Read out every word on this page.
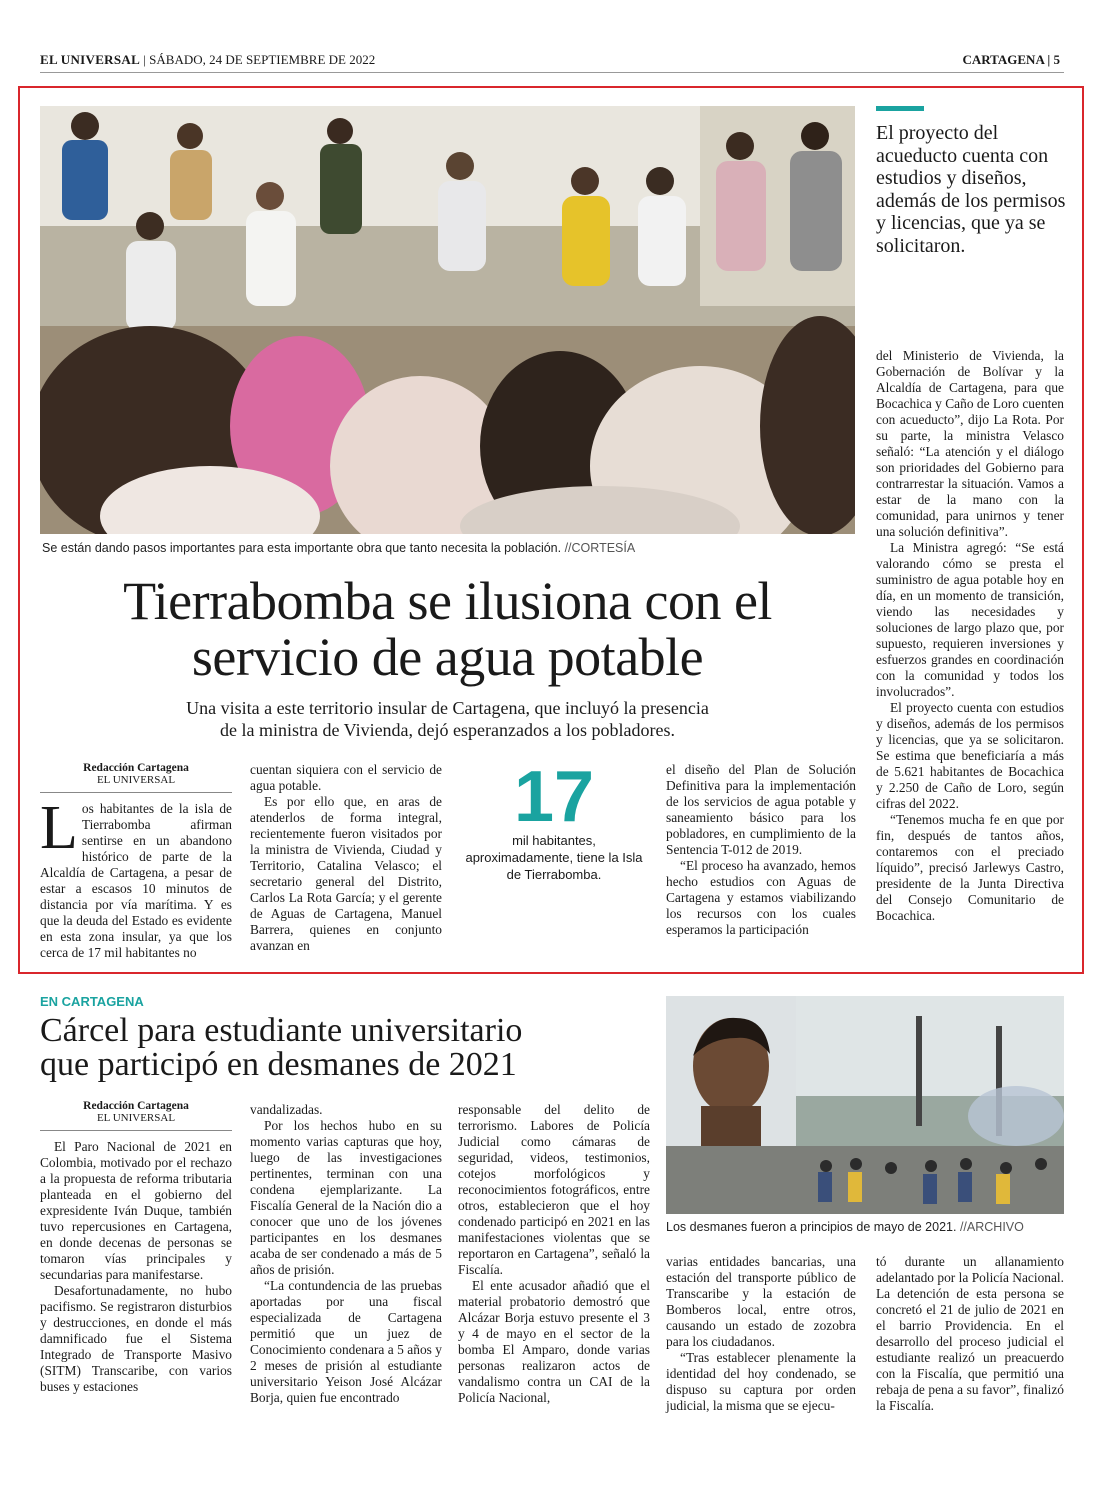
EL UNIVERSAL | SÁBADO, 24 DE SEPTIEMBRE DE 2022	CARTAGENA | 5
Se están dando pasos importantes para esta importante obra que tanto necesita la población. //CORTESÍA
Tierrabomba se ilusiona con el
servicio de agua potable
Una visita a este territorio insular de Cartagena, que incluyó la presencia
de la ministra de Vivienda, dejó esperanzados a los pobladores.
El proyecto del acueducto cuenta con estudios y diseños, además de los permisos y licencias, que ya se solicitaron.
Redacción Cartagena
EL UNIVERSAL

Los habitantes de la isla de Tierrabomba afirman sentirse en un abandono histórico de parte de la Alcaldía de Cartagena, a pesar de estar a escasos 10 minutos de distancia por vía marítima. Y es que la deuda del Estado es evidente en esta zona insular, ya que los cerca de 17 mil habitantes no

cuentan siquiera con el servicio de agua potable.

Es por ello que, en aras de atenderlos de forma integral, recientemente fueron visitados por la ministra de Vivienda, Ciudad y Territorio, Catalina Velasco; el secretario general del Distrito, Carlos La Rota García; y el gerente de Aguas de Cartagena, Manuel Barrera, quienes en conjunto avanzan en

17
mil habitantes, aproximadamente, tiene la Isla de Tierrabomba.

el diseño del Plan de Solución Definitiva para la implementación de los servicios de agua potable y saneamiento básico para los pobladores, en cumplimiento de la Sentencia T-012 de 2019.

“El proceso ha avanzado, hemos hecho estudios con Aguas de Cartagena y estamos viabilizando los recursos con los cuales esperamos la participación

del Ministerio de Vivienda, la Gobernación de Bolívar y la Alcaldía de Cartagena, para que Bocachica y Caño de Loro cuenten con acueducto”, dijo La Rota. Por su parte, la ministra Velasco señaló: “La atención y el diálogo son prioridades del Gobierno para contrarrestar la situación. Vamos a estar de la mano con la comunidad, para unirnos y tener una solución definitiva”.

La Ministra agregó: “Se está valorando cómo se presta el suministro de agua potable hoy en día, en un momento de transición, viendo las necesidades y soluciones de largo plazo que, por supuesto, requieren inversiones y esfuerzos grandes en coordinación con la comunidad y todos los involucrados”.

El proyecto cuenta con estudios y diseños, además de los permisos y licencias, que ya se solicitaron. Se estima que beneficiaría a más de 5.621 habitantes de Bocachica y 2.250 de Caño de Loro, según cifras del 2022.

“Tenemos mucha fe en que por fin, después de tantos años, contaremos con el preciado líquido”, precisó Jarlewys Castro, presidente de la Junta Directiva del Consejo Comunitario de Bocachica.

EN CARTAGENA
Cárcel para estudiante universitario
que participó en desmanes de 2021
Los desmanes fueron a principios de mayo de 2021. //ARCHIVO
Redacción Cartagena
EL UNIVERSAL

El Paro Nacional de 2021 en Colombia, motivado por el rechazo a la propuesta de reforma tributaria planteada en el gobierno del expresidente Iván Duque, también tuvo repercusiones en Cartagena, en donde decenas de personas se tomaron vías principales y secundarias para manifestarse.

Desafortunadamente, no hubo pacifismo. Se registraron disturbios y destrucciones, en donde el más damnificado fue el Sistema Integrado de Transporte Masivo (SITM) Transcaribe, con varios buses y estaciones

vandalizadas.

Por los hechos hubo en su momento varias capturas que hoy, luego de las investigaciones pertinentes, terminan con una condena ejemplarizante. La Fiscalía General de la Nación dio a conocer que uno de los jóvenes participantes en los desmanes acaba de ser condenado a más de 5 años de prisión.

“La contundencia de las pruebas aportadas por una fiscal especializada de Cartagena permitió que un juez de Conocimiento condenara a 5 años y 2 meses de prisión al estudiante universitario Yeison José Alcázar Borja, quien fue encontrado

responsable del delito de terrorismo. Labores de Policía Judicial como cámaras de seguridad, videos, testimonios, cotejos morfológicos y reconocimientos fotográficos, entre otros, establecieron que el hoy condenado participó en 2021 en las manifestaciones violentas que se reportaron en Cartagena”, señaló la Fiscalía.

El ente acusador añadió que el material probatorio demostró que Alcázar Borja estuvo presente el 3 y 4 de mayo en el sector de la bomba El Amparo, donde varias personas realizaron actos de vandalismo contra un CAI de la Policía Nacional,

varias entidades bancarias, una estación del transporte público de Transcaribe y la estación de Bomberos local, entre otros, causando un estado de zozobra para los ciudadanos.

“Tras establecer plenamente la identidad del hoy condenado, se dispuso su captura por orden judicial, la misma que se ejecu-

tó durante un allanamiento adelantado por la Policía Nacional. La detención de esta persona se concretó el 21 de julio de 2021 en el barrio Providencia. En el desarrollo del proceso judicial el estudiante realizó un preacuerdo con la Fiscalía, que permitió una rebaja de pena a su favor”, finalizó la Fiscalía.
